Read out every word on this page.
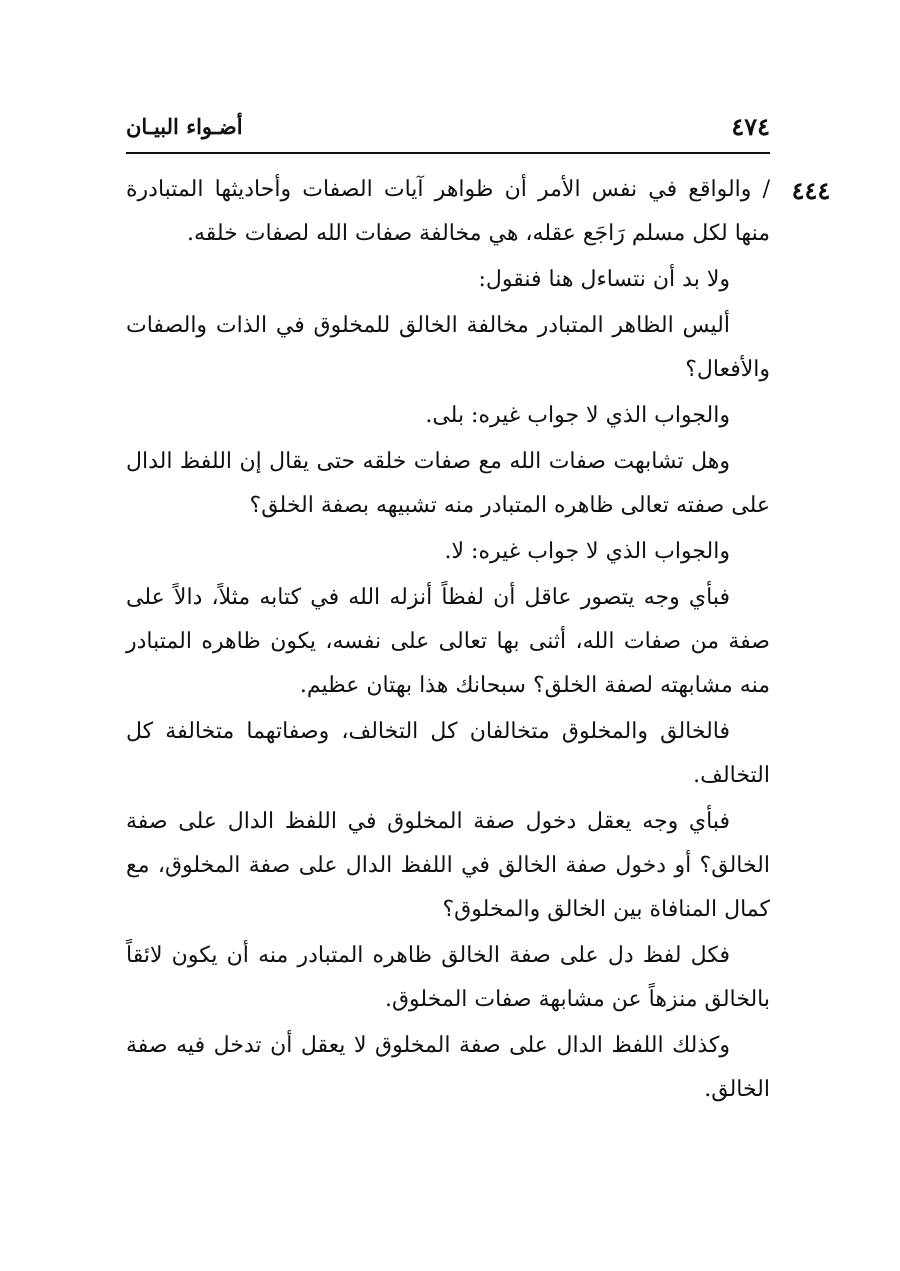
٤٧٤
أضـواء البيـان
٤٤٤

/ والواقع في نفس الأمر أن ظواهر آيات الصفات وأحاديثها المتبادرة منها لكل مسلم رَاجَع عقله، هي مخالفة صفات الله لصفات خلقه.

ولا بد أن نتساءل هنا فنقول:

أليس الظاهر المتبادر مخالفة الخالق للمخلوق في الذات والصفات والأفعال؟

والجواب الذي لا جواب غيره: بلى.

وهل تشابهت صفات الله مع صفات خلقه حتى يقال إن اللفظ الدال على صفته تعالى ظاهره المتبادر منه تشبيهه بصفة الخلق؟

والجواب الذي لا جواب غيره: لا.

فبأي وجه يتصور عاقل أن لفظاً أنزله الله في كتابه مثلاً، دالاً على صفة من صفات الله، أثنى بها تعالى على نفسه، يكون ظاهره المتبادر منه مشابهته لصفة الخلق؟ سبحانك هذا بهتان عظيم.

فالخالق والمخلوق متخالفان كل التخالف، وصفاتهما متخالفة كل التخالف.

فبأي وجه يعقل دخول صفة المخلوق في اللفظ الدال على صفة الخالق؟ أو دخول صفة الخالق في اللفظ الدال على صفة المخلوق، مع كمال المنافاة بين الخالق والمخلوق؟

فكل لفظ دل على صفة الخالق ظاهره المتبادر منه أن يكون لائقاً بالخالق منزهاً عن مشابهة صفات المخلوق.

وكذلك اللفظ الدال على صفة المخلوق لا يعقل أن تدخل فيه صفة الخالق.
